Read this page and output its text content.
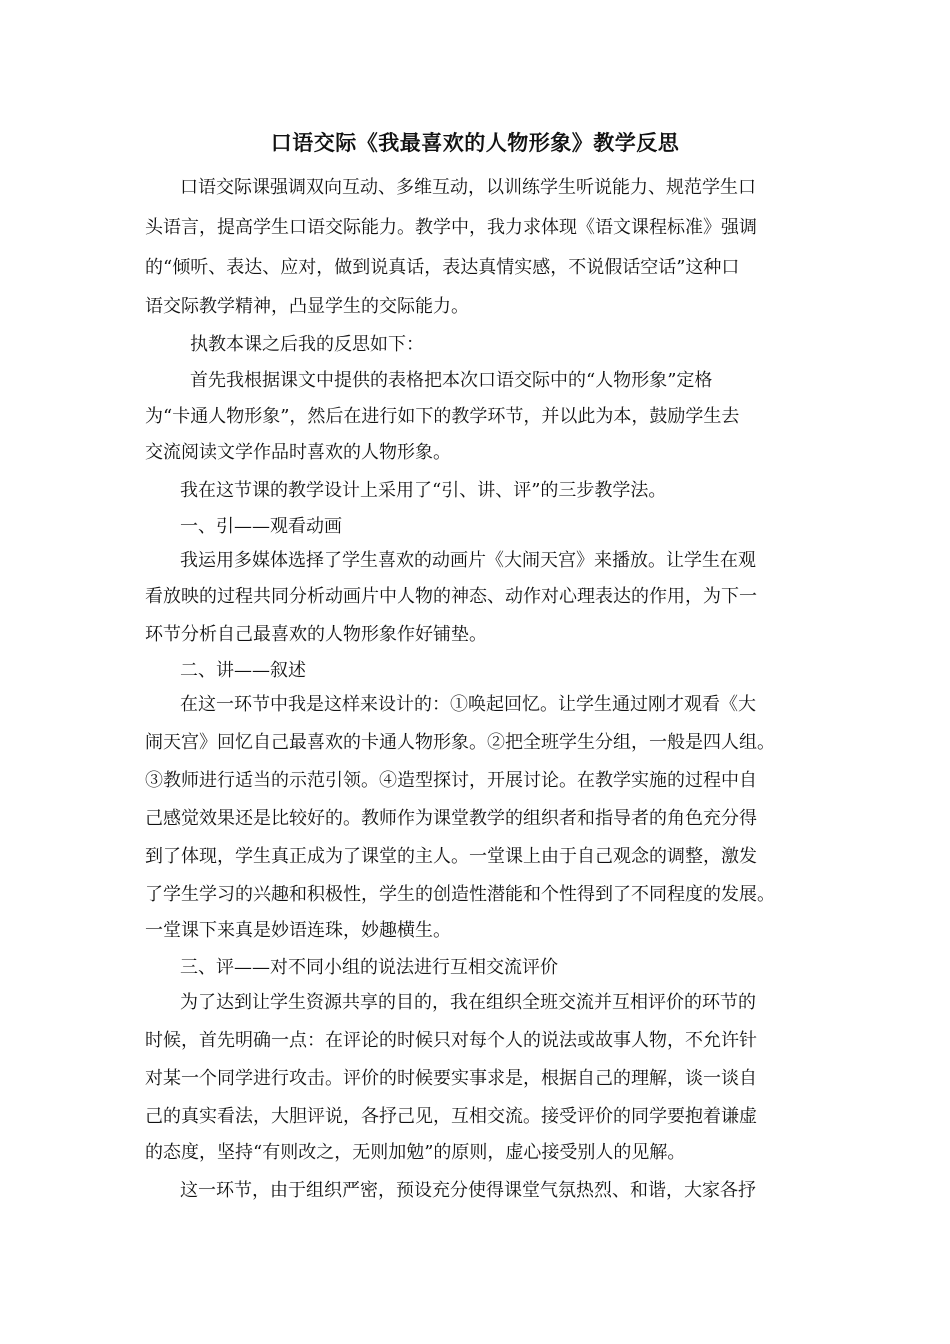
口语交际《我最喜欢的人物形象》教学反思
口语交际课强调双向互动、多维互动，以训练学生听说能力、规范学生口
头语言，提高学生口语交际能力。教学中，我力求体现《语文课程标准》强调
的“倾听、表达、应对，做到说真话，表达真情实感，不说假话空话”这种口
语交际教学精神，凸显学生的交际能力。
执教本课之后我的反思如下：
首先我根据课文中提供的表格把本次口语交际中的“人物形象”定格
为“卡通人物形象”，然后在进行如下的教学环节，并以此为本，鼓励学生去
交流阅读文学作品时喜欢的人物形象。
我在这节课的教学设计上采用了“引、讲、评”的三步教学法。
一、引——观看动画
我运用多媒体选择了学生喜欢的动画片《大闹天宫》来播放。让学生在观
看放映的过程共同分析动画片中人物的神态、动作对心理表达的作用，为下一
环节分析自己最喜欢的人物形象作好铺垫。
二、讲——叙述
在这一环节中我是这样来设计的：①唤起回忆。让学生通过刚才观看《大
闹天宫》回忆自己最喜欢的卡通人物形象。②把全班学生分组，一般是四人组。
③教师进行适当的示范引领。④造型探讨，开展讨论。在教学实施的过程中自
己感觉效果还是比较好的。教师作为课堂教学的组织者和指导者的角色充分得
到了体现，学生真正成为了课堂的主人。一堂课上由于自己观念的调整，激发
了学生学习的兴趣和积极性，学生的创造性潜能和个性得到了不同程度的发展。
一堂课下来真是妙语连珠，妙趣横生。
三、评——对不同小组的说法进行互相交流评价
为了达到让学生资源共享的目的，我在组织全班交流并互相评价的环节的
时候，首先明确一点：在评论的时候只对每个人的说法或故事人物，不允许针
对某一个同学进行攻击。评价的时候要实事求是，根据自己的理解，谈一谈自
己的真实看法，大胆评说，各抒己见，互相交流。接受评价的同学要抱着谦虚
的态度，坚持“有则改之，无则加勉”的原则，虚心接受别人的见解。
这一环节，由于组织严密，预设充分使得课堂气氛热烈、和谐，大家各抒
